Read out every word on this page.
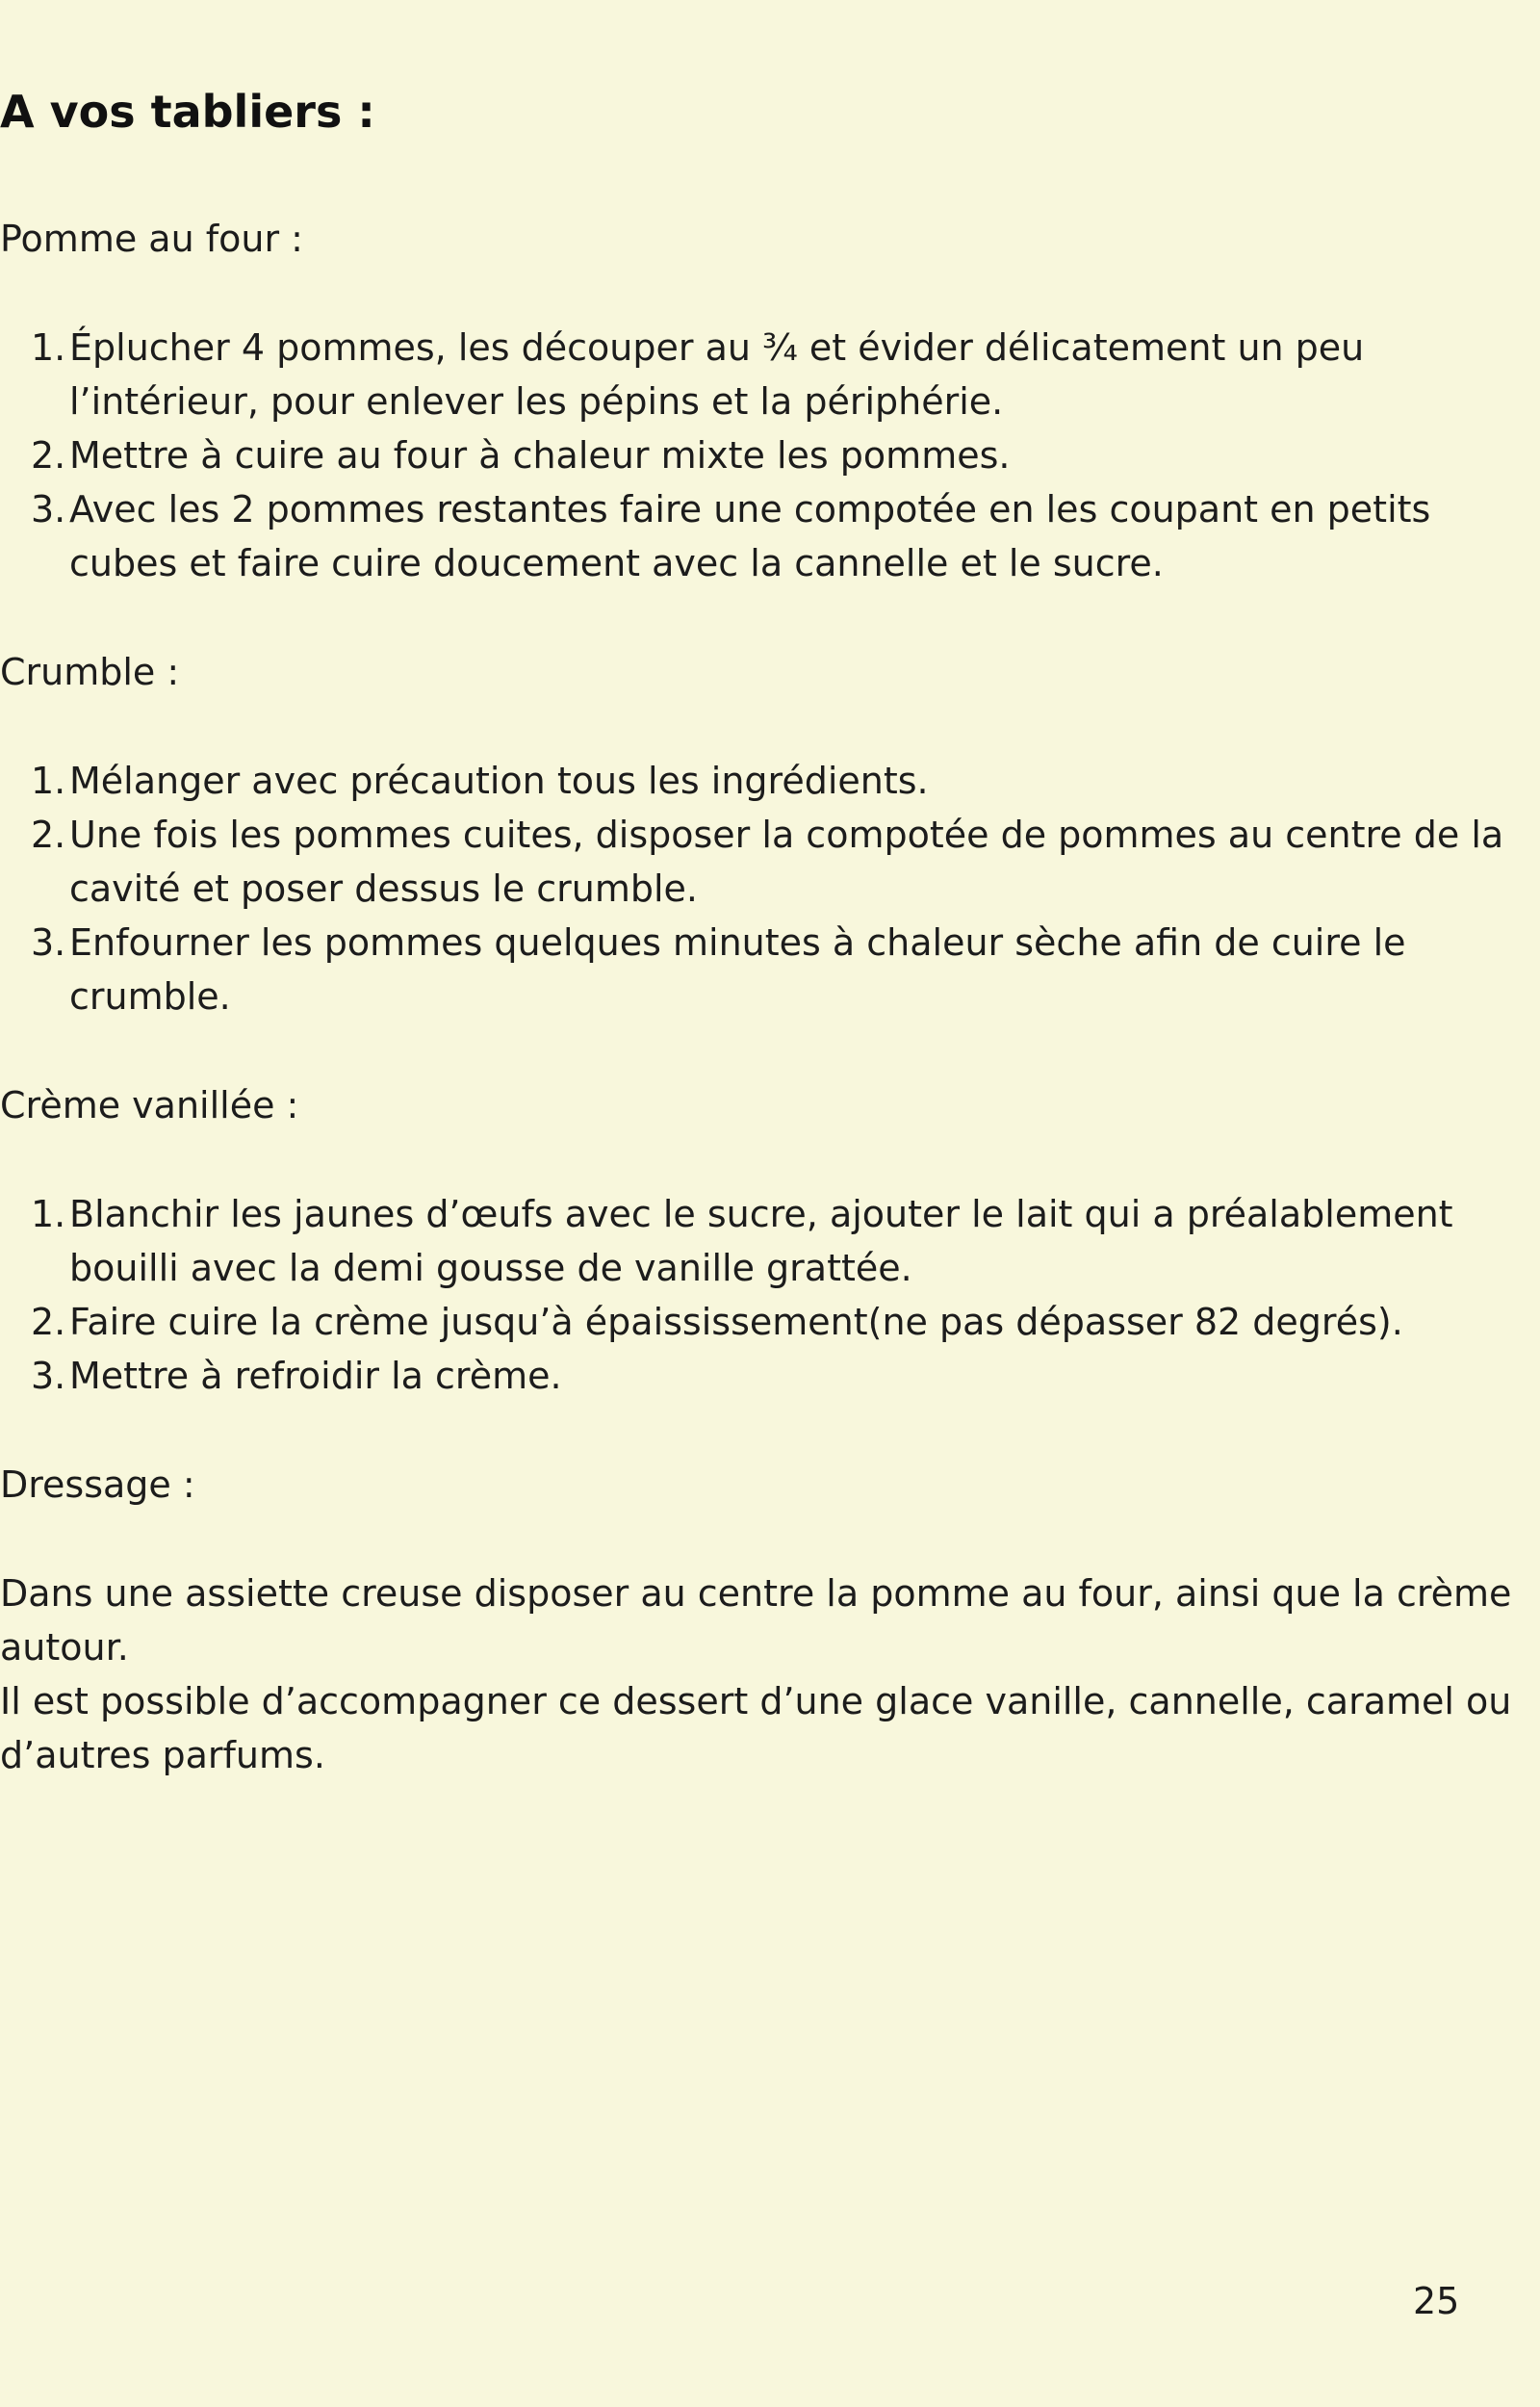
A vos tabliers :
Pomme au four :
1. Éplucher 4 pommes, les découper au ¾ et évider délicatement un peu l’intérieur, pour enlever les pépins et la périphérie.
2. Mettre à cuire au four à chaleur mixte les pommes.
3. Avec les 2 pommes restantes faire une compotée en les coupant en petits cubes et faire cuire doucement avec la cannelle et le sucre.
Crumble :
1. Mélanger avec précaution tous les ingrédients.
2. Une fois les pommes cuites, disposer la compotée de pommes au centre de la cavité et poser dessus le crumble.
3. Enfourner les pommes quelques minutes à chaleur sèche afin de cuire le crumble.
Crème vanillée :
1. Blanchir les jaunes d’œufs avec le sucre, ajouter le lait qui a préalablement bouilli avec la demi gousse de vanille grattée.
2. Faire cuire la crème jusqu’à épaississement(ne pas dépasser 82 degrés).
3. Mettre à refroidir la crème.
Dressage :

Dans une assiette creuse disposer au centre la pomme au four, ainsi que la crème autour.

Il est possible d’accompagner ce dessert d’une glace vanille, cannelle, caramel ou d’autres parfums.

25
